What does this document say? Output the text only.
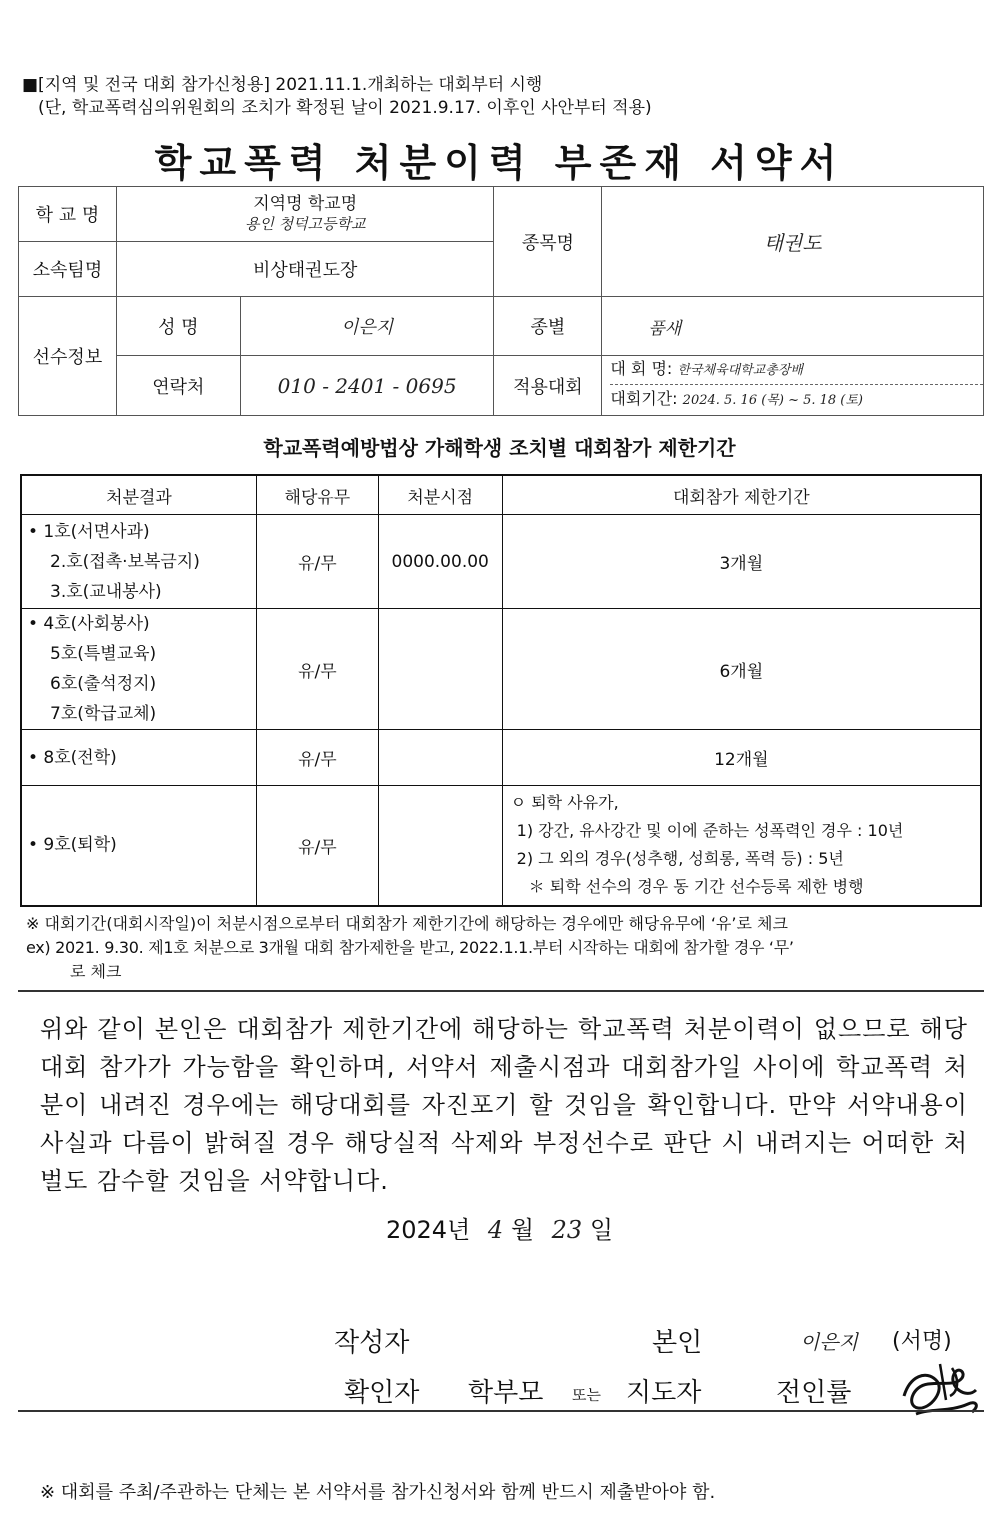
■[지역 및 전국 대회 참가신청용] 2021.11.1.개최하는 대회부터 시행
(단, 학교폭력심의위원회의 조치가 확정된 날이 2021.9.17. 이후인 사안부터 적용)
학교폭력 처분이력 부존재 서약서
학 교 명	지역명 학교명
용인 청덕고등학교		종목명	태권도
소속팀명	비상태권도장			
선수정보	성 명	이은지	종별	품새
	연락처	010 - 2401 - 0695	적용대회	대 회 명: 한국체육대학교총장배
대회기간: 2024. 5. 16 (목) ~ 5. 18 (토)
학교폭력예방법상 가해학생 조치별 대회참가 제한기간
처분결과	해당유무	처분시점	대회참가 제한기간

• 1호(서면사과)
2.호(접촉·보복금지)
3.호(교내봉사)	유/무	0000.00.00	3개월

• 4호(사회봉사)
5호(특별교육)
6호(출석정지)
7호(학급교체)	유/무		6개월

• 8호(전학)	유/무		12개월

• 9호(퇴학)	유/무		ㅇ 퇴학 사유가,
1) 강간, 유사강간 및 이에 준하는 성폭력인 경우 : 10년
2) 그 외의 경우(성추행, 성희롱, 폭력 등) : 5년
＊ 퇴학 선수의 경우 동 기간 선수등록 제한 병행
※ 대회기간(대회시작일)이 처분시점으로부터 대회참가 제한기간에 해당하는 경우에만 해당유무에 ‘유’로 체크
ex) 2021. 9.30. 제1호 처분으로 3개월 대회 참가제한을 받고, 2022.1.1.부터 시작하는 대회에 참가할 경우 ‘무’
로 체크
위와 같이 본인은 대회참가 제한기간에 해당하는 학교폭력 처분이력이 없으므로 해당 대회 참가가 가능함을 확인하며, 서약서 제출시점과 대회참가일 사이에 학교폭력 처분이 내려진 경우에는 해당대회를 자진포기 할 것임을 확인합니다. 만약 서약내용이 사실과 다름이 밝혀질 경우 해당실적 삭제와 부정선수로 판단 시 내려지는 어떠한 처벌도 감수할 것임을 서약합니다.
2024년 4 월 23 일
작성자	본인	이은지 (서명)
확인자 학부모 또는 지도자	전인률
※ 대회를 주최/주관하는 단체는 본 서약서를 참가신청서와 함께 반드시 제출받아야 함.
